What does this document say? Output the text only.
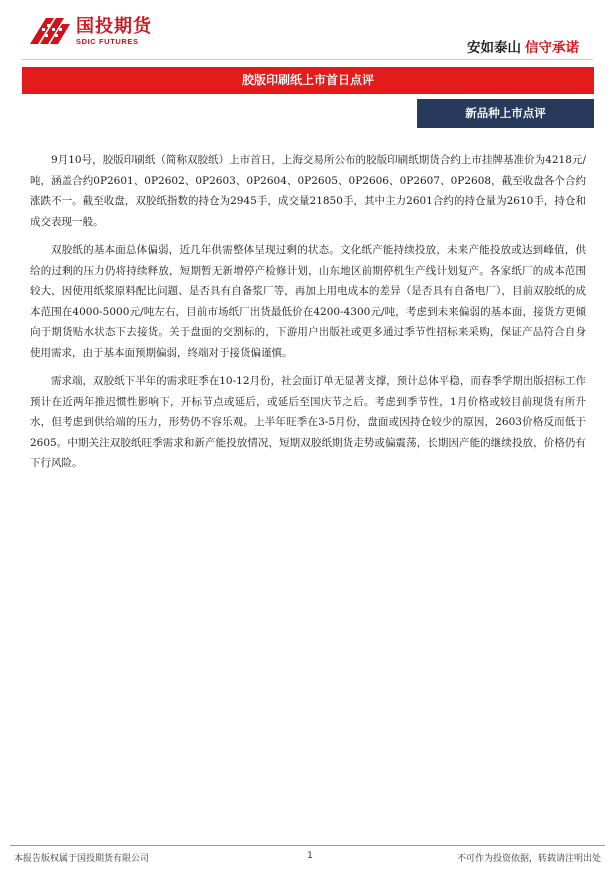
国投期货
SDIC FUTURES	安如泰山 信守承诺
胶版印刷纸上市首日点评
新品种上市点评

9月10号，胶版印刷纸（简称双胶纸）上市首日，上海交易所公布的胶版印刷纸期货合约上市挂牌基准价为4218元/吨，涵盖合约0P2601、0P2602、0P2603、0P2604、0P2605、0P2606、0P2607、0P2608，截至收盘各个合约涨跌不一。截至收盘，双胶纸指数的持仓为2945手，成交量21850手，其中主力2601合约的持仓量为2610手，持仓和成交表现一般。

双胶纸的基本面总体偏弱，近几年供需整体呈现过剩的状态。文化纸产能持续投放，未来产能投放或达到峰值，供给的过剩的压力仍将持续释放，短期暂无新增停产检修计划，山东地区前期停机生产线计划复产。各家纸厂的成本范围较大，因使用纸浆原料配比问题、是否具有自备浆厂等，再加上用电成本的差异（是否具有自备电厂），目前双胶纸的成本范围在4000-5000元/吨左右，目前市场纸厂出货最低价在4200-4300元/吨，考虑到未来偏弱的基本面，接货方更倾向于期货贴水状态下去接货。关于盘面的交割标的，下游用户出版社或更多通过季节性招标来采购，保证产品符合自身使用需求，由于基本面预期偏弱，终端对于接货偏谨慎。

需求端，双胶纸下半年的需求旺季在10-12月份，社会面订单无显著支撑，预计总体平稳，而春季学期出版招标工作预计在近两年推迟惯性影响下，开标节点或延后，或延后至国庆节之后。考虑到季节性，1月价格或较目前现货有所升水，但考虑到供给端的压力，形势仍不容乐观。上半年旺季在3-5月份，盘面或因持仓较少的原因，2603价格反而低于2605。中期关注双胶纸旺季需求和新产能投放情况，短期双胶纸期货走势或偏震荡，长期因产能的继续投放，价格仍有下行风险。

本报告版权属于国投期货有限公司	1	不可作为投资依据，转载请注明出处
